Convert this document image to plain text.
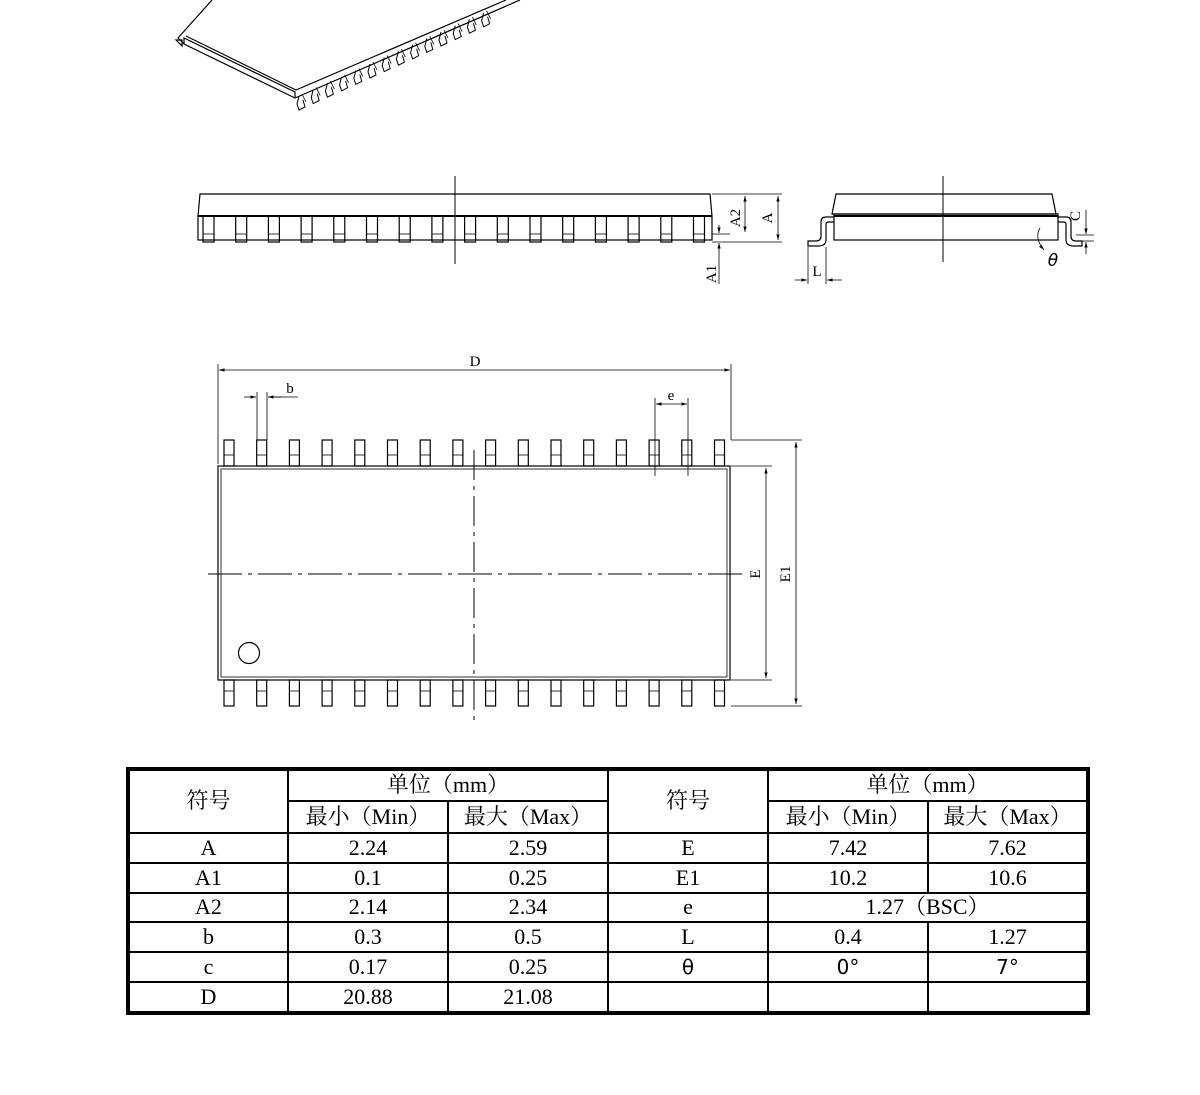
A2 A
A1	L
C
θ
D
b	e
E E1
符号	单位（mm）		符号	单位（mm）	
	最小（Min）	最大（Max）		最小（Min）	最大（Max）
A	2.24	2.59	E	7.42	7.62
A1	0.1	0.25	E1	10.2	10.6
A2	2.14	2.34	e	1.27（BSC）	
b	0.3	0.5	L	0.4	1.27
c	0.17	0.25	θ	0°	7°
D	20.88	21.08			
